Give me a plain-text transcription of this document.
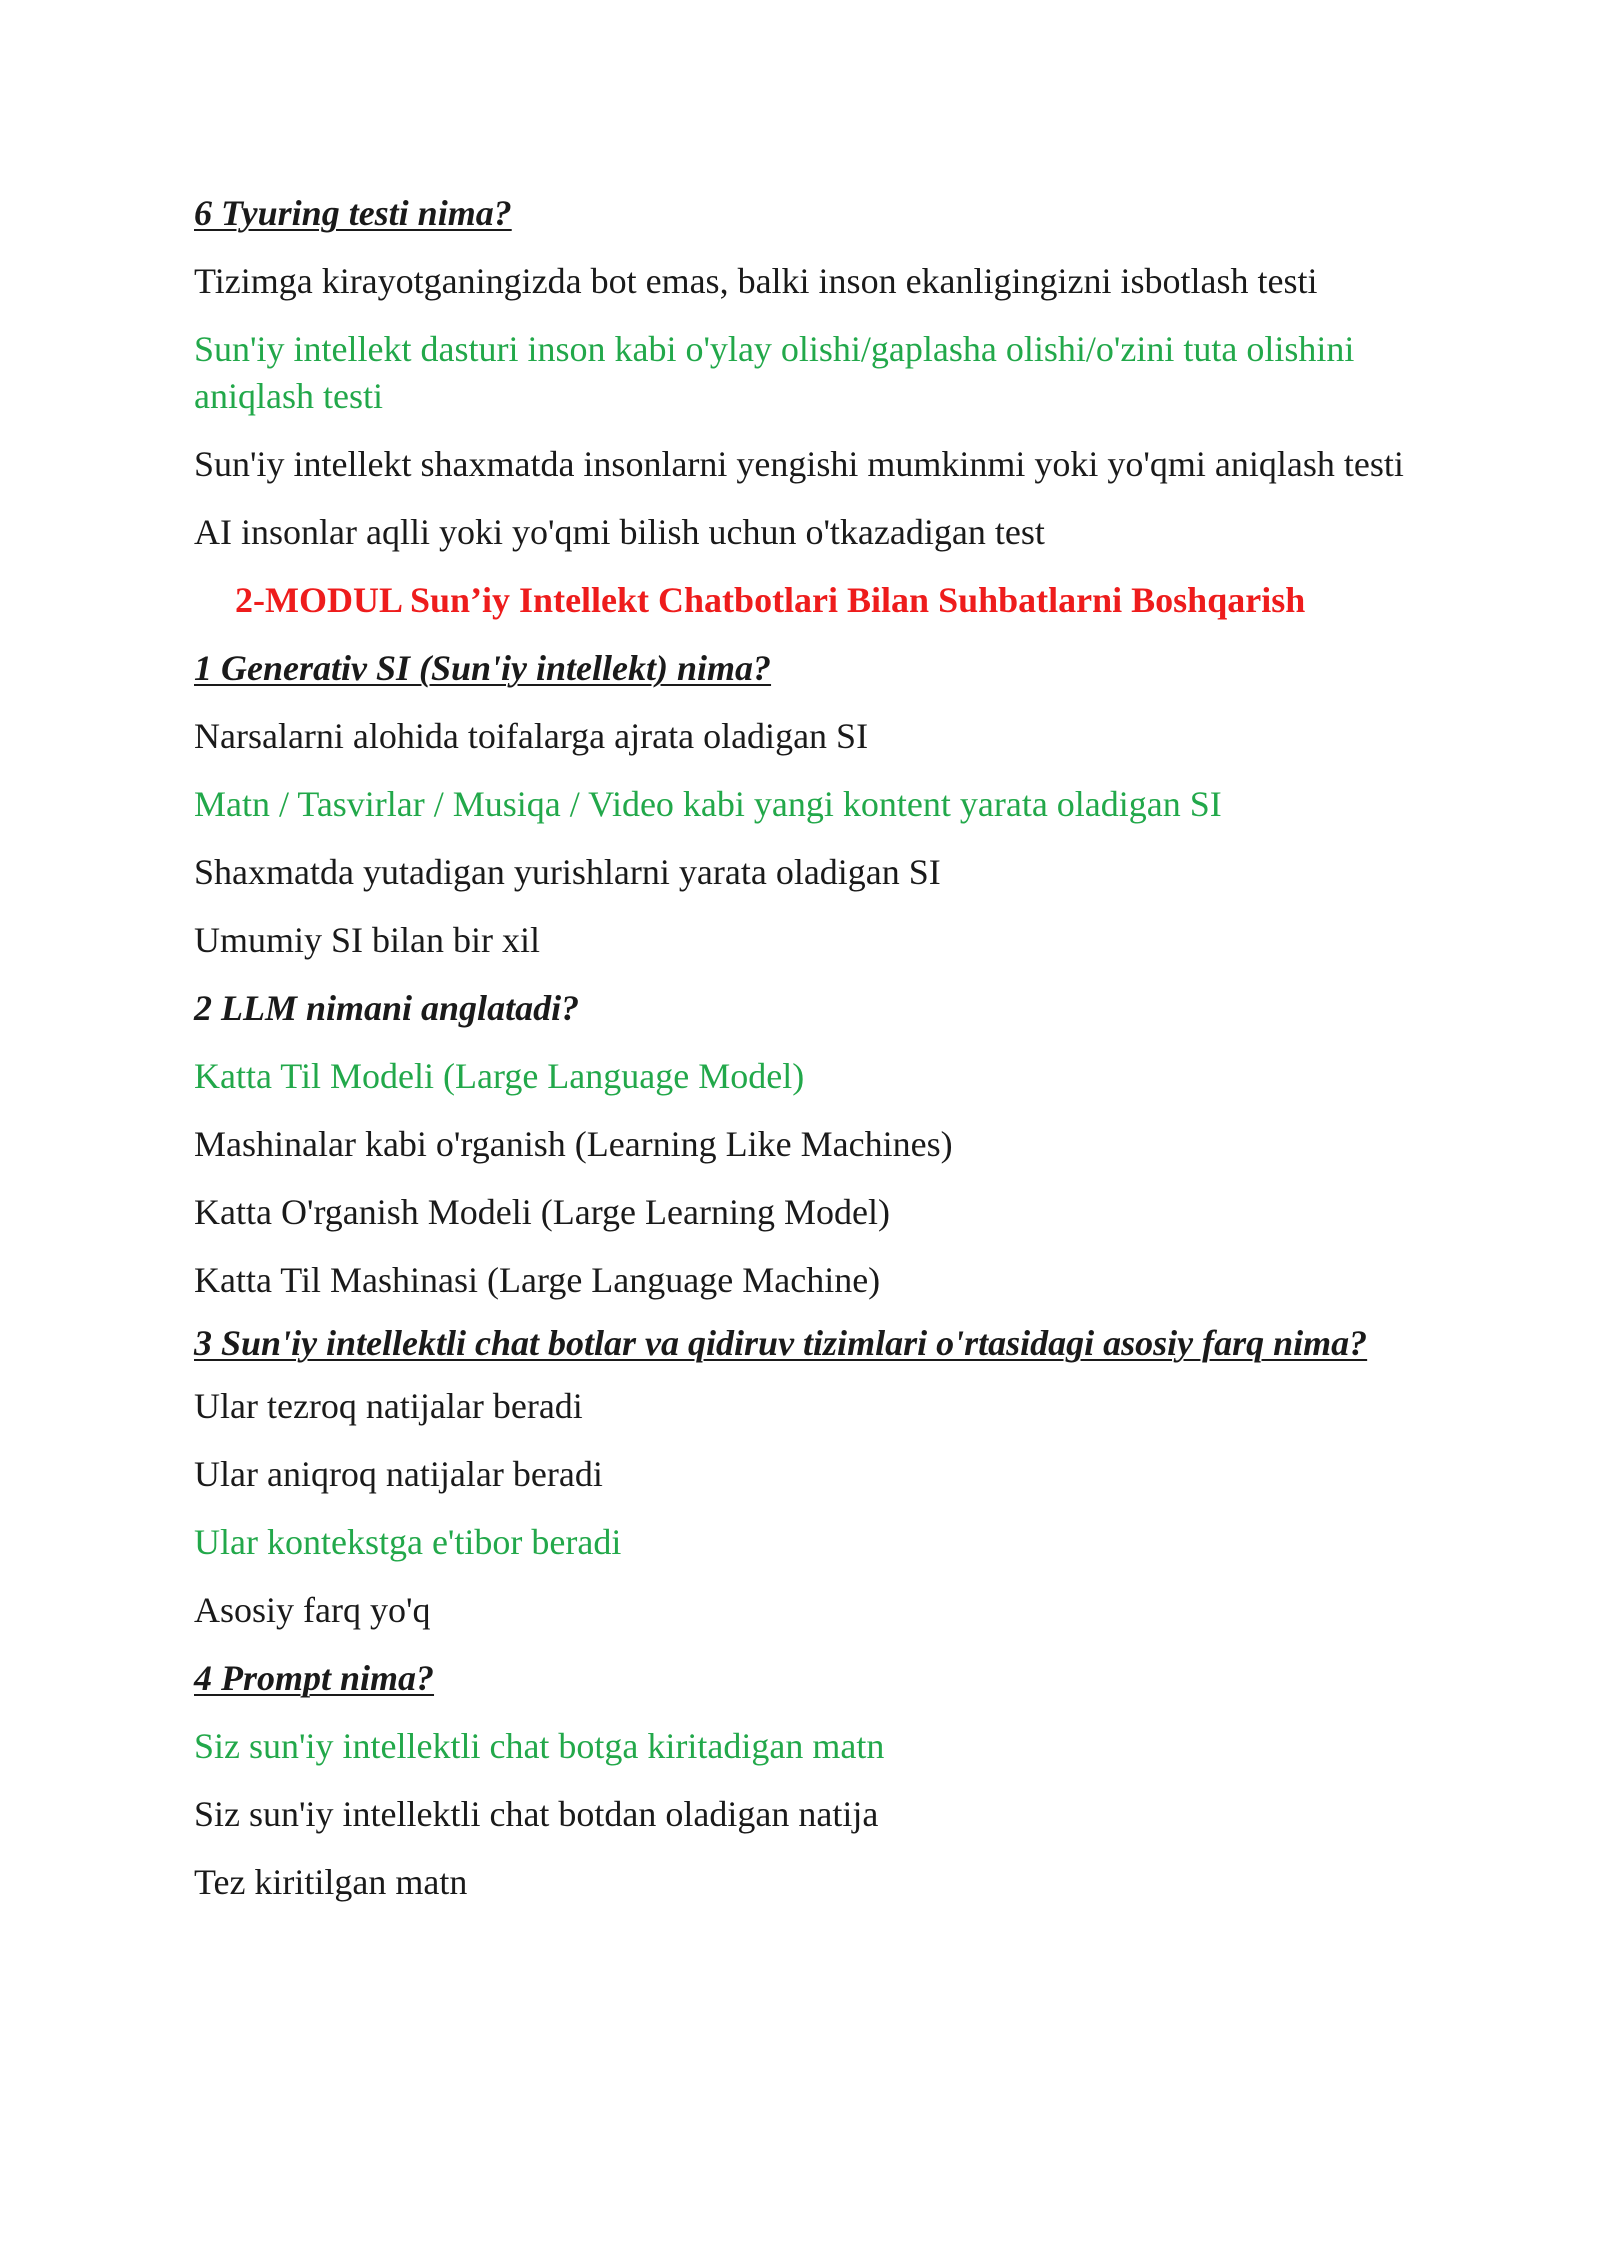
6 Tyuring testi nima?
Tizimga kirayotganingizda bot emas, balki inson ekanligingizni isbotlash testi
Sun'iy intellekt dasturi inson kabi o'ylay olishi/gaplasha olishi/o'zini tuta olishini aniqlash testi
Sun'iy intellekt shaxmatda insonlarni yengishi mumkinmi yoki yo'qmi aniqlash testi
AI insonlar aqlli yoki yo'qmi bilish uchun o'tkazadigan test
2-MODUL Sun’iy Intellekt Chatbotlari Bilan Suhbatlarni Boshqarish
1 Generativ SI (Sun'iy intellekt) nima?
Narsalarni alohida toifalarga ajrata oladigan SI
Matn / Tasvirlar / Musiqa / Video kabi yangi kontent yarata oladigan SI
Shaxmatda yutadigan yurishlarni yarata oladigan SI
Umumiy SI bilan bir xil
2 LLM nimani anglatadi?
Katta Til Modeli (Large Language Model)
Mashinalar kabi o'rganish (Learning Like Machines)
Katta O'rganish Modeli (Large Learning Model)
Katta Til Mashinasi (Large Language Machine)
3 Sun'iy intellektli chat botlar va qidiruv tizimlari o'rtasidagi asosiy farq nima?
Ular tezroq natijalar beradi
Ular aniqroq natijalar beradi
Ular kontekstga e'tibor beradi
Asosiy farq yo'q
4 Prompt nima?
Siz sun'iy intellektli chat botga kiritadigan matn
Siz sun'iy intellektli chat botdan oladigan natija
Tez kiritilgan matn
